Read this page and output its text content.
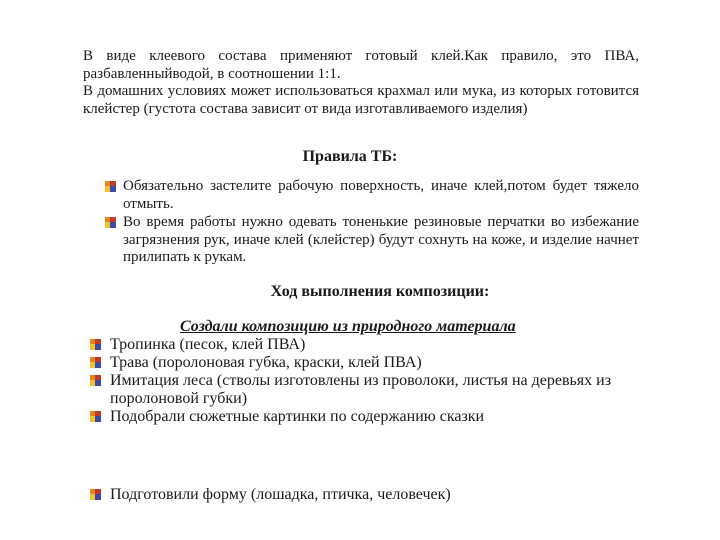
В виде клеевого состава применяют готовый клей.Как правило, это ПВА, разбавленныйводой, в соотношении 1:1.

В домашних условиях может использоваться крахмал или мука, из которых готовится клейстер (густота состава зависит от вида изготавливаемого изделия)

Правила ТБ:
Обязательно застелите рабочую поверхность, иначе клей,потом будет тяжело отмыть.
Во время работы нужно одевать тоненькие резиновые перчатки во избежание загрязнения рук, иначе клей (клейстер) будут сохнуть на коже, и изделие начнет прилипать к рукам.
Ход выполнения композиции:
Создали композицию из природного материала
Тропинка (песок, клей ПВА)
Трава (поролоновая губка, краски, клей ПВА)
Имитация леса (стволы изготовлены из проволоки, листья на деревьях из поролоновой губки)
Подобрали сюжетные картинки по содержанию сказки
Подготовили форму (лошадка, птичка, человечек)
